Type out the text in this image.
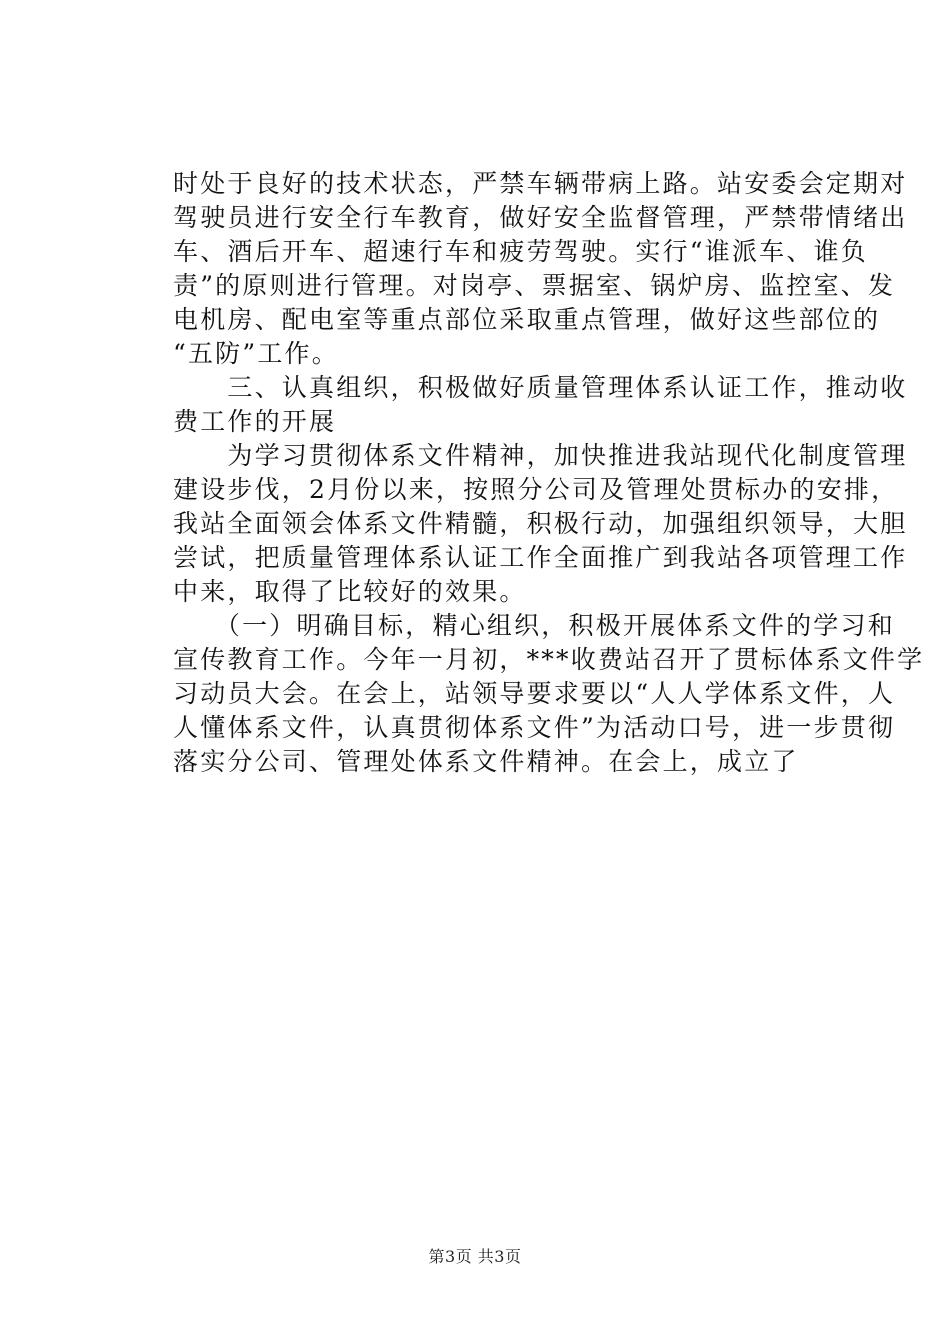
时处于良好的技术状态，严禁车辆带病上路。站安委会定期对
驾驶员进行安全行车教育，做好安全监督管理，严禁带情绪出
车、酒后开车、超速行车和疲劳驾驶。实行“谁派车、谁负
责”的原则进行管理。对岗亭、票据室、锅炉房、监控室、发
电机房、配电室等重点部位采取重点管理，做好这些部位的
“五防”工作。
　　三、认真组织，积极做好质量管理体系认证工作，推动收
费工作的开展
　　为学习贯彻体系文件精神，加快推进我站现代化制度管理
建设步伐，2月份以来，按照分公司及管理处贯标办的安排，
我站全面领会体系文件精髓，积极行动，加强组织领导，大胆
尝试，把质量管理体系认证工作全面推广到我站各项管理工作
中来，取得了比较好的效果。
　　（一）明确目标，精心组织，积极开展体系文件的学习和
宣传教育工作。今年一月初，***收费站召开了贯标体系文件学
习动员大会。在会上，站领导要求要以“人人学体系文件，人
人懂体系文件，认真贯彻体系文件”为活动口号，进一步贯彻
落实分公司、管理处体系文件精神。在会上，成立了
第3页 共3页
